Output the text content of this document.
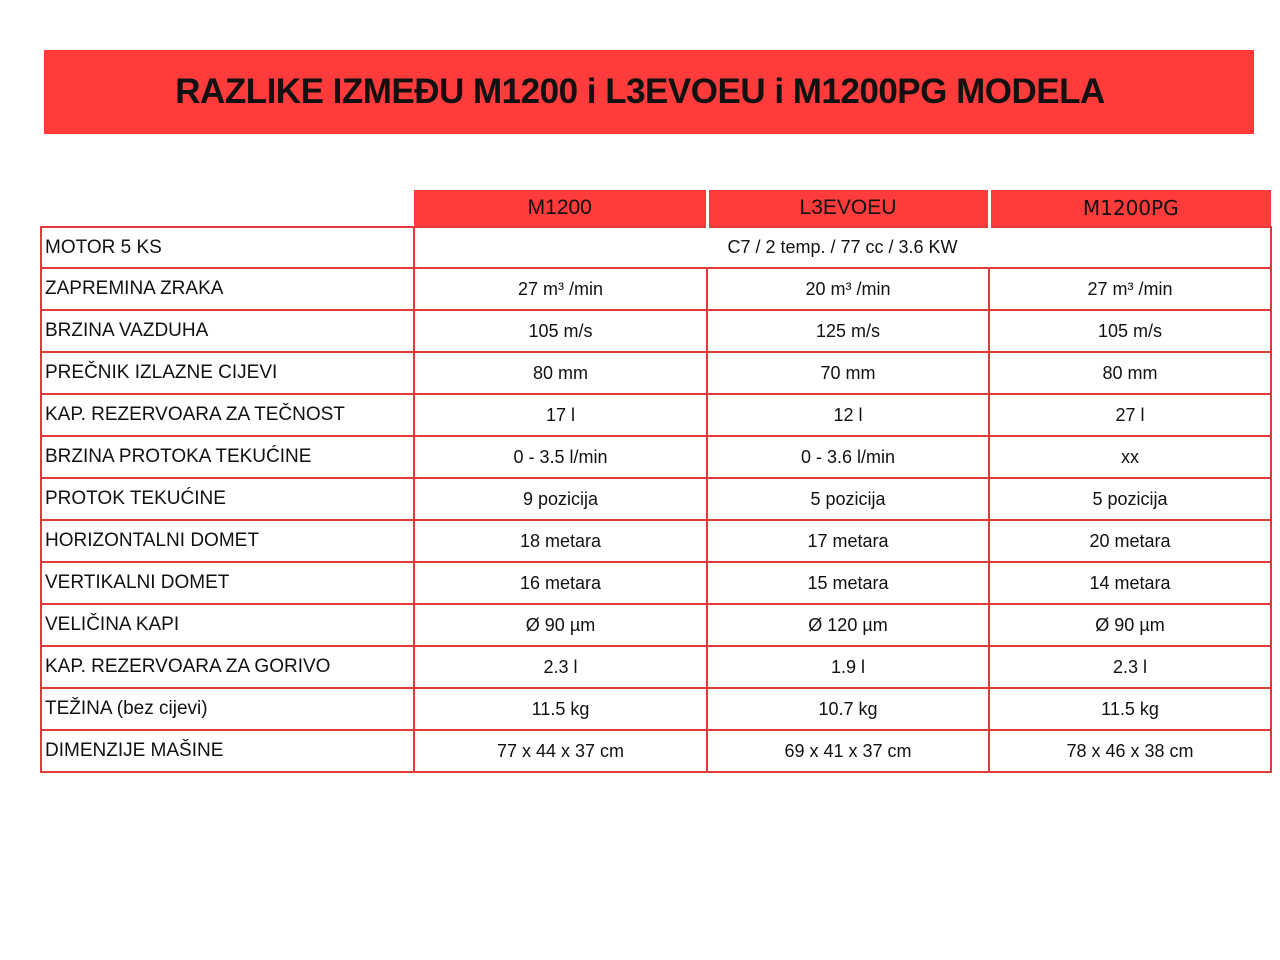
RAZLIKE IZMEĐU M1200 i L3EVOEU i M1200PG MODELA
	M1200	L3EVOEU	M1200PG
MOTOR 5 KS	C7 / 2 temp. / 77 cc / 3.6 KW		
ZAPREMINA ZRAKA	27 m³ /min	20 m³ /min	27 m³ /min
BRZINA VAZDUHA	105 m/s	125 m/s	105 m/s
PREČNIK IZLAZNE CIJEVI	80 mm	70 mm	80 mm
KAP. REZERVOARA ZA TEČNOST	17 l	12 l	27 l
BRZINA PROTOKA TEKUĆINE	0 - 3.5 l/min	0 - 3.6 l/min	xx
PROTOK TEKUĆINE	9 pozicija	5 pozicija	5 pozicija
HORIZONTALNI DOMET	18 metara	17 metara	20 metara
VERTIKALNI DOMET	16 metara	15 metara	14 metara
VELIČINA KAPI	Ø 90 µm	Ø 120 µm	Ø 90 µm
KAP. REZERVOARA ZA GORIVO	2.3 l	1.9 l	2.3 l
TEŽINA (bez cijevi)	11.5 kg	10.7 kg	11.5 kg
DIMENZIJE MAŠINE	77 x 44 x 37 cm	69 x 41 x 37 cm	78 x 46 x 38 cm
